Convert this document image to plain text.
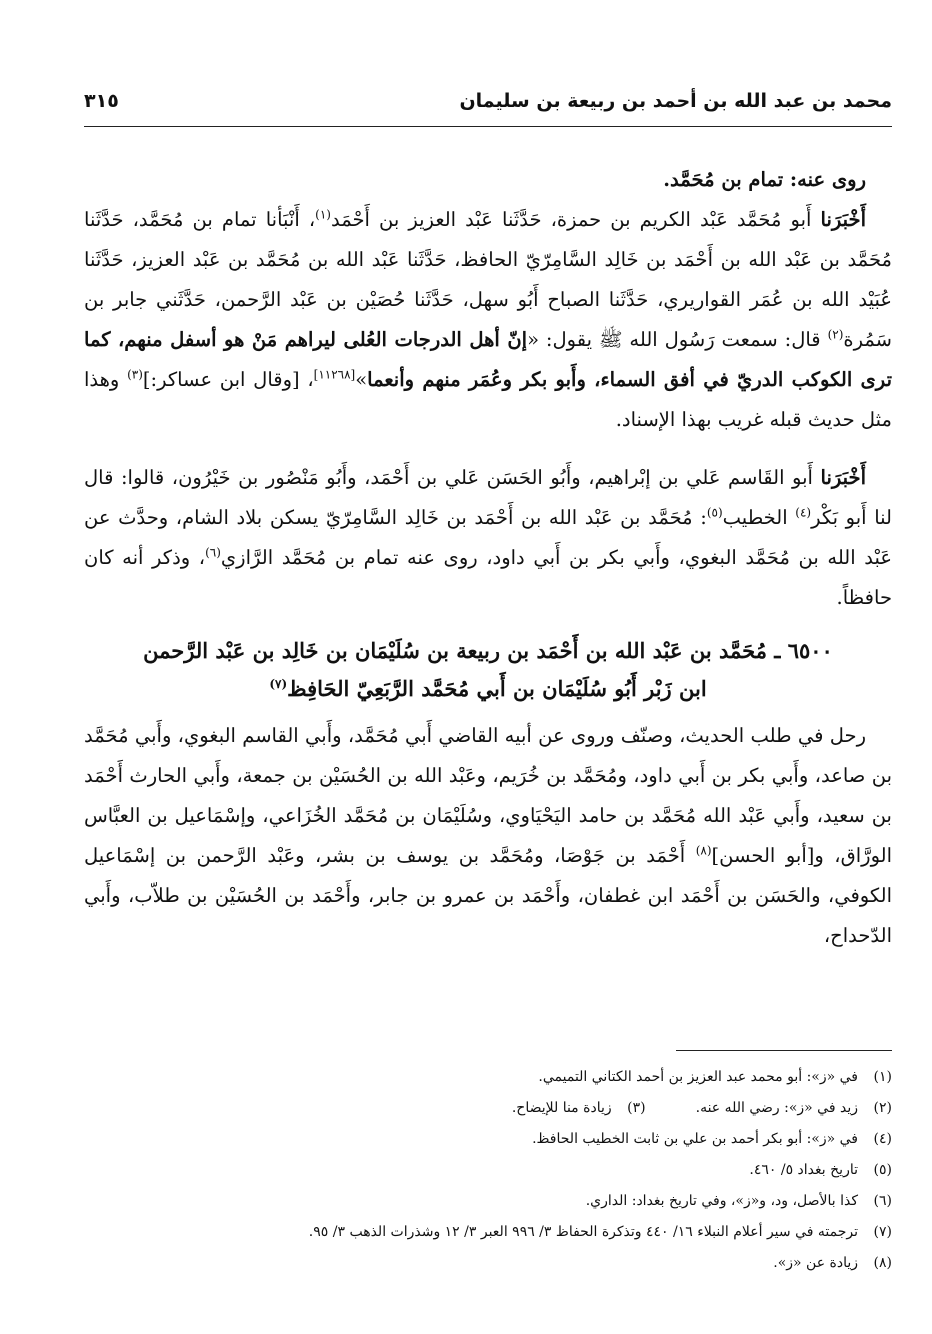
محمد بن عبد الله بن أحمد بن ربيعة بن سليمان
٣١٥

روى عنه: تمام بن مُحَمَّد.

أَخْبَرَنا أَبو مُحَمَّد عَبْد الكريم بن حمزة، حَدَّثَنا عَبْد العزيز بن أَحْمَد$^{(١)}$، أَنْبَأنا تمام بن مُحَمَّد، حَدَّثَنا مُحَمَّد بن عَبْد الله بن أَحْمَد بن خَالِد السَّامِرّيّ الحافظ، حَدَّثَنا عَبْد الله بن مُحَمَّد بن عَبْد العزيز، حَدَّثَنا عُبَيْد الله بن عُمَر القواريري، حَدَّثَنا الصباح أَبُو سهل، حَدَّثَنا حُصَيْن بن عَبْد الرَّحمن، حَدَّثَني جابر بن سَمُرة$^{(٢)}$ قال: سمعت رَسُول الله ﷺ يقول: «إنّ أهل الدرجات العُلى ليراهم مَنْ هو أسفل منهم، كما ترى الكوكب الدريّ في أفق السماء، وأَبو بكر وعُمَر منهم وأنعما»[١١٢٦٨]، [وقال ابن عساكر:]$^{(٣)}$ وهذا مثل حديث قبله غريب بهذا الإسناد.

أَخْبَرَنا أَبو القَاسم عَلي بن إبْراهيم، وأَبُو الحَسَن عَلي بن أَحْمَد، وأَبُو مَنْصُور بن خَيْرُون، قالوا: قال لنا أَبو بَكْر$^{(٤)}$ الخطيب$^{(٥)}$: مُحَمَّد بن عَبْد الله بن أَحْمَد بن خَالِد السَّامِرّيّ يسكن بلاد الشام، وحدَّث عن عَبْد الله بن مُحَمَّد البغوي، وأَبي بكر بن أَبي داود، روى عنه تمام بن مُحَمَّد الرَّازي$^{(٦)}$، وذكر أنه كان حافظاً.

٦٥٠٠ ـ مُحَمَّد بن عَبْد الله بن أَحْمَد بن ربيعة بن سُلَيْمَان بن خَالِد بن عَبْد الرَّحمن
ابن زَبْر أَبُو سُلَيْمَان بن أَبي مُحَمَّد الرَّبَعِيّ الحَافِظ$^{(٧)}$

رحل في طلب الحديث، وصنّف وروى عن أبيه القاضي أَبي مُحَمَّد، وأَبي القاسم البغوي، وأَبي مُحَمَّد بن صاعد، وأَبي بكر بن أَبي داود، ومُحَمَّد بن خُرَيم، وعَبْد الله بن الحُسَيْن بن جمعة، وأَبي الحارث أَحْمَد بن سعيد، وأَبي عَبْد الله مُحَمَّد بن حامد اليَحْيَاوي، وسُلَيْمَان بن مُحَمَّد الخُزَاعي، وإسْمَاعيل بن العبَّاس الورَّاق، و[أبو الحسن]$^{(٨)}$ أَحْمَد بن جَوْصَا، ومُحَمَّد بن يوسف بن بشر، وعَبْد الرَّحمن بن إسْمَاعيل الكوفي، والحَسَن بن أَحْمَد ابن غطفان، وأَحْمَد بن عمرو بن جابر، وأَحْمَد بن الحُسَيْن بن طلاّب، وأَبي الدّحداح،

(١)في «ز»: أبو محمد عبد العزيز بن أحمد الكتاني التميمي.

(٢)زيد في «ز»: رضي الله عنه.(٣)زيادة منا للإيضاح.

(٤)في «ز»: أبو بكر أحمد بن علي بن ثابت الخطيب الحافظ.

(٥)تاريخ بغداد ٥/ ٤٦٠.

(٦)كذا بالأصل، ود، و«ز»، وفي تاريخ بغداد: الداري.

(٧)ترجمته في سير أعلام النبلاء ١٦/ ٤٤٠ وتذكرة الحفاظ ٣/ ٩٩٦ العبر ٣/ ١٢ وشذرات الذهب ٣/ ٩٥.

(٨)زيادة عن «ز».
